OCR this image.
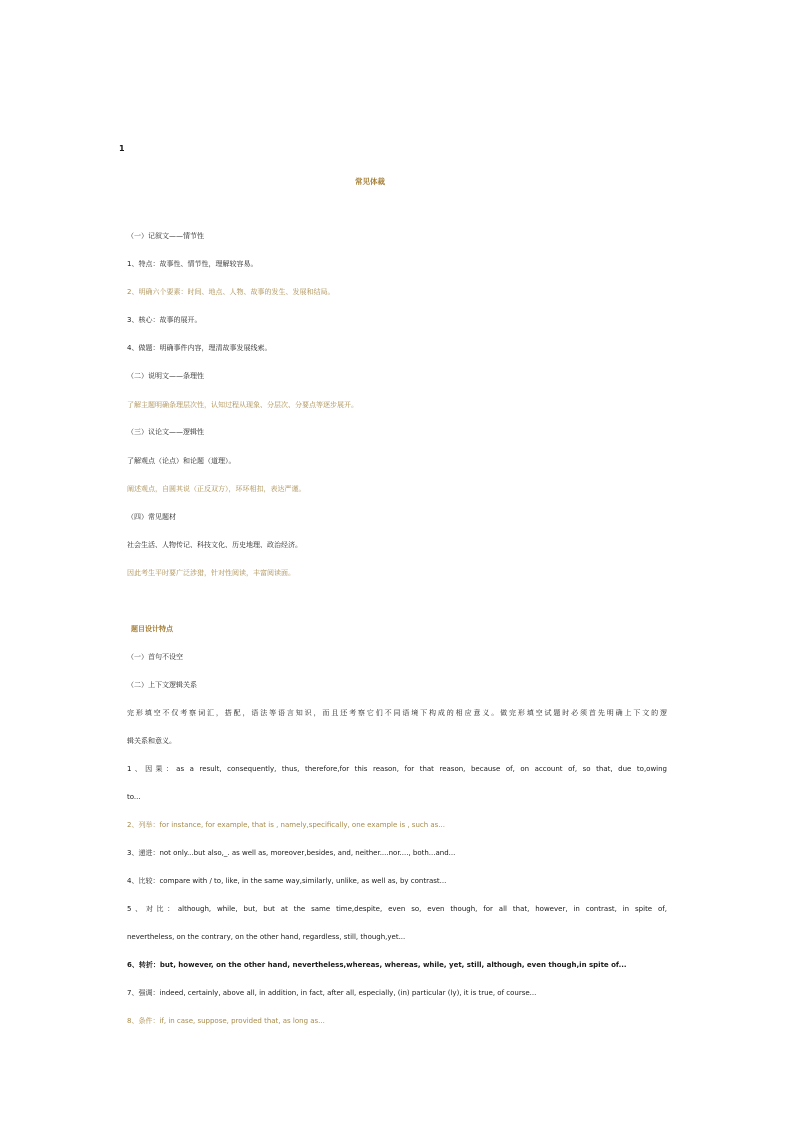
1
常见体裁
（一）记叙文——情节性
1、特点：故事性、情节性，理解较容易。
2、明确六个要素：时间、地点、人物、故事的发生、发展和结局。
3、核心：故事的展开。
4、做题：明确事件内容，理清故事发展线索。
（二）说明文——条理性
了解主题明确条理层次性，认知过程从现象、分层次、分要点等逐步展开。
（三）议论文——逻辑性
了解观点（论点）和论题（道理）。
阐述观点，自圆其说（正反双方），环环相扣，表达严谨。
（四）常见题材
社会生活、人物传记、科技文化、历史地理、政治经济。
因此考生平时要广泛涉猎，针对性阅读，丰富阅读面。
题目设计特点
（一）首句不设空
（二）上下文逻辑关系
完形填空不仅考察词汇，搭配，语法等语言知识，而且还考察它们不同语境下构成的相应意义。做完形填空试题时必须首先明确上下文的逻
辑关系和意义。
1、因果：as a result, consequently, thus, therefore,for this reason, for that reason, because of, on account of, so that, due to,owing
to...
2、列举：for instance, for example, that is , namely,specifically, one example is , such as...
3、递进：not only...but also,_. as well as, moreover,besides, and, neither....nor...., both...and...
4、比较：compare with / to, like, in the same way,similarly, unlike, as well as, by contrast...
5、对比：although, while, but, but at the same time,despite, even so, even though, for all that, however, in contrast, in spite of,
nevertheless, on the contrary, on the other hand, regardless, still, though,yet...
6、转折：but, however, on the other hand, nevertheless,whereas, whereas, while, yet, still, although, even though,in spite of...
7、强调：indeed, certainly, above all, in addition, in fact, after all, especially, (in) particular (ly), it is true, of course...
8、条件：if, in case, suppose, provided that, as long as...
